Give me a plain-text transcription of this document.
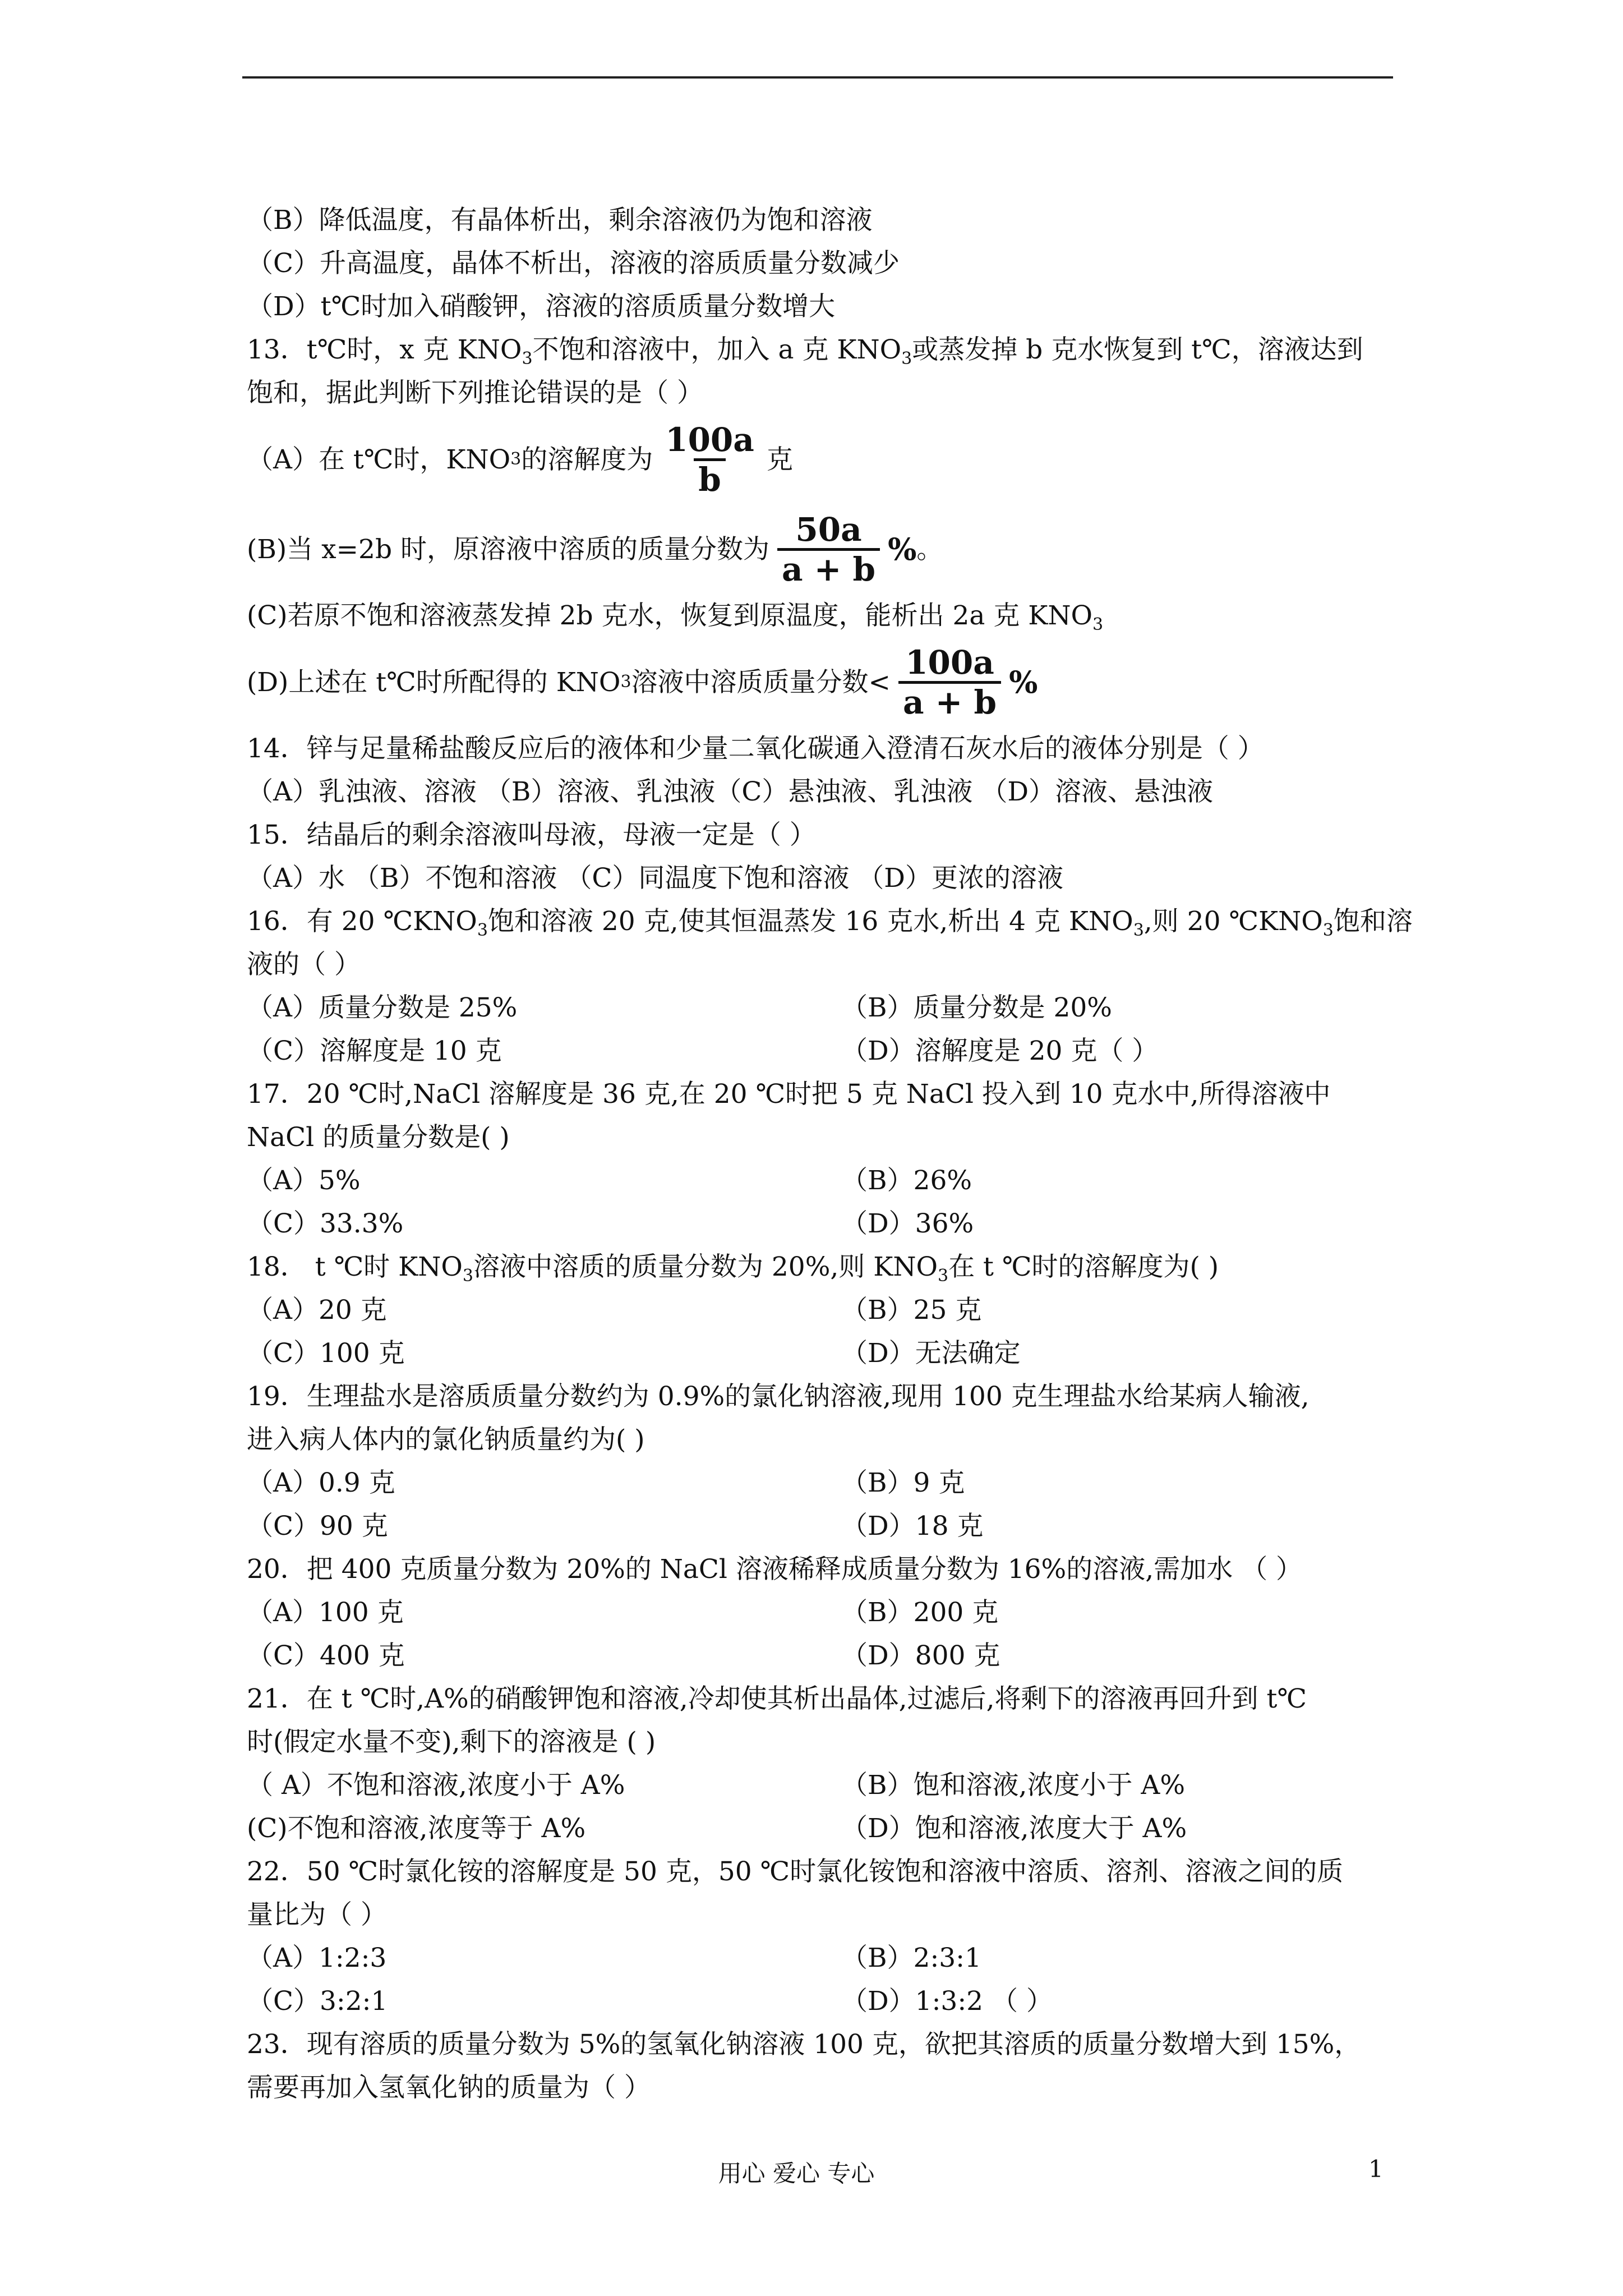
（B）降低温度，有晶体析出，剩余溶液仍为饱和溶液
（C）升高温度，晶体不析出，溶液的溶质质量分数减少
（D）t℃时加入硝酸钾，溶液的溶质质量分数增大
13．t℃时，x 克 $KNO_3$不饱和溶液中，加入 a 克 $KNO_3$或蒸发掉 b 克水恢复到 t℃，溶液达到
饱和，据此判断下列推论错误的是（ ）
（A）在 t℃时，KNO 3 的溶解度为 $\frac{100a}{b}$ 克
(B)当 x=2b 时，原溶液中溶质的质量分数为 $\frac{50a}{a + b}$ % 。
(C)若原不饱和溶液蒸发掉 2b 克水，恢复到原温度，能析出 2a 克 $KNO_3$
(D)上述在 t℃时所配得的 KNO 3 溶液中溶质质量分数< $\frac{100a}{a + b}$ %
14．锌与足量稀盐酸反应后的液体和少量二氧化碳通入澄清石灰水后的液体分别是（ ）
（A）乳浊液、溶液 （B）溶液、乳浊液（C）悬浊液、乳浊液 （D）溶液、悬浊液
15．结晶后的剩余溶液叫母液，母液一定是（ ）
（A）水 （B）不饱和溶液 （C）同温度下饱和溶液 （D）更浓的溶液
16．有 20 $℃KNO_3$饱和溶液 20 克,使其恒温蒸发 16 克水,析出 4 克 $KNO_3$,则 20 $℃KNO_3$饱和溶
液的（ ）
（A）质量分数是 25%	（B）质量分数是 20%
（C）溶解度是 10 克	（D）溶解度是 20 克（ ）
17．20 ℃时,NaCl 溶解度是 36 克,在 20 ℃时把 5 克 NaCl 投入到 10 克水中,所得溶液中
NaCl 的质量分数是( )
（A）5%	（B）26%
（C）33.3%	（D）36%
18． t ℃时 $KNO_3$溶液中溶质的质量分数为 20%,则 $KNO_3$在 t ℃时的溶解度为( )
（A）20 克	（B）25 克
（C）100 克	（D）无法确定
19．生理盐水是溶质质量分数约为 0.9%的氯化钠溶液,现用 100 克生理盐水给某病人输液,
进入病人体内的氯化钠质量约为( )
（A）0.9 克	（B）9 克
（C）90 克	（D）18 克
20．把 400 克质量分数为 20%的 NaCl 溶液稀释成质量分数为 16%的溶液,需加水 （ ）
（A）100 克	（B）200 克
（C）400 克	（D）800 克
21．在 t ℃时,A%的硝酸钾饱和溶液,冷却使其析出晶体,过滤后,将剩下的溶液再回升到 t℃
时(假定水量不变),剩下的溶液是 ( )
（ A）不饱和溶液,浓度小于 A%	（B）饱和溶液,浓度小于 A%
(C)不饱和溶液,浓度等于 A%	（D）饱和溶液,浓度大于 A%
22．50 ℃时氯化铵的溶解度是 50 克，50 ℃时氯化铵饱和溶液中溶质、溶剂、溶液之间的质
量比为（ ）
（A）1:2:3	（B）2:3:1
（C）3:2:1	（D）1:3:2 （ ）
23．现有溶质的质量分数为 5%的氢氧化钠溶液 100 克，欲把其溶质的质量分数增大到 15%，
需要再加入氢氧化钠的质量为（ ）
用心 爱心 专心	1
